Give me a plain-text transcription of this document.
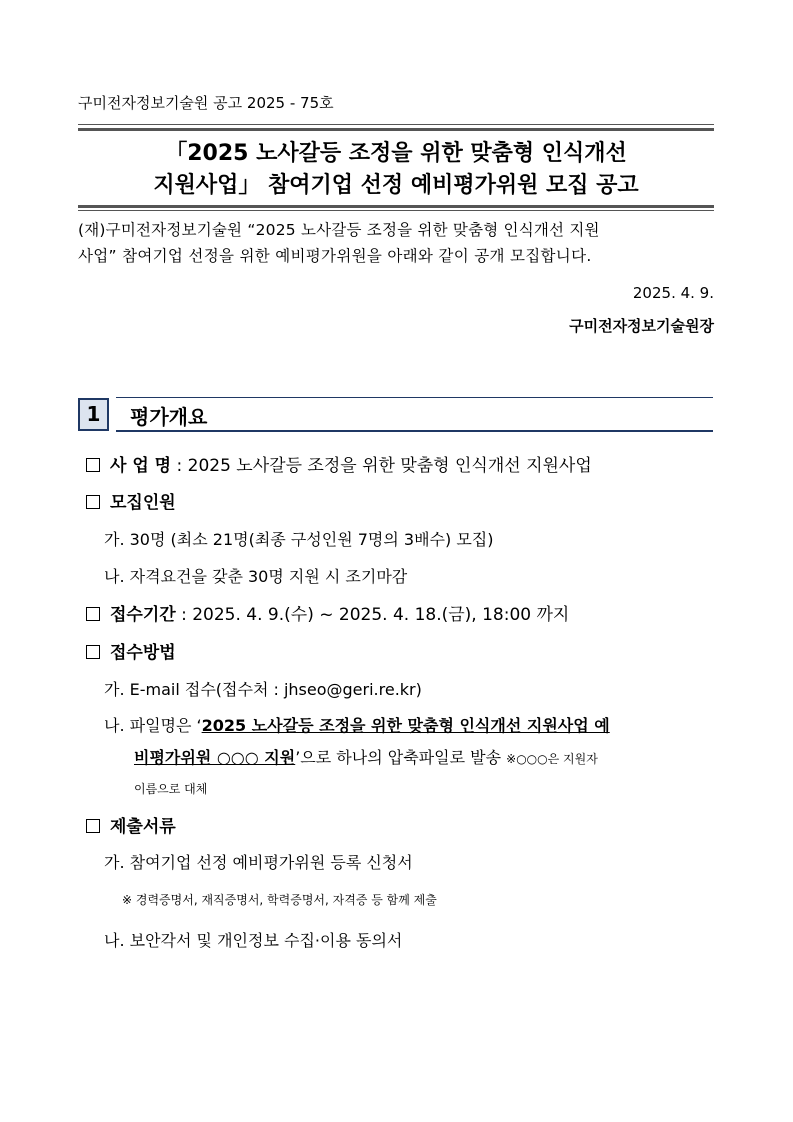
구미전자정보기술원 공고 2025 - 75호
「2025 노사갈등 조정을 위한 맞춤형 인식개선
지원사업」 참여기업 선정 예비평가위원 모집 공고
(재)구미전자정보기술원 “2025 노사갈등 조정을 위한 맞춤형 인식개선 지원
사업” 참여기업 선정을 위한 예비평가위원을 아래와 같이 공개 모집합니다.
2025. 4. 9.
구미전자정보기술원장
1	평가개요
사 업 명 : 2025 노사갈등 조정을 위한 맞춤형 인식개선 지원사업
모집인원
가. 30명 (최소 21명(최종 구성인원 7명의 3배수) 모집)
나. 자격요건을 갖춘 30명 지원 시 조기마감
접수기간 : 2025. 4. 9.(수) ~ 2025. 4. 18.(금), 18:00 까지
접수방법
가. E-mail 접수(접수처 : jhseo@geri.re.kr)
나. 파일명은 ‘2025 노사갈등 조정을 위한 맞춤형 인식개선 지원사업 예
비평가위원 ○○○ 지원’으로 하나의 압축파일로 발송 ※○○○은 지원자
이름으로 대체
제출서류
가. 참여기업 선정 예비평가위원 등록 신청서
※ 경력증명서, 재직증명서, 학력증명서, 자격증 등 함께 제출
나. 보안각서 및 개인정보 수집·이용 동의서
